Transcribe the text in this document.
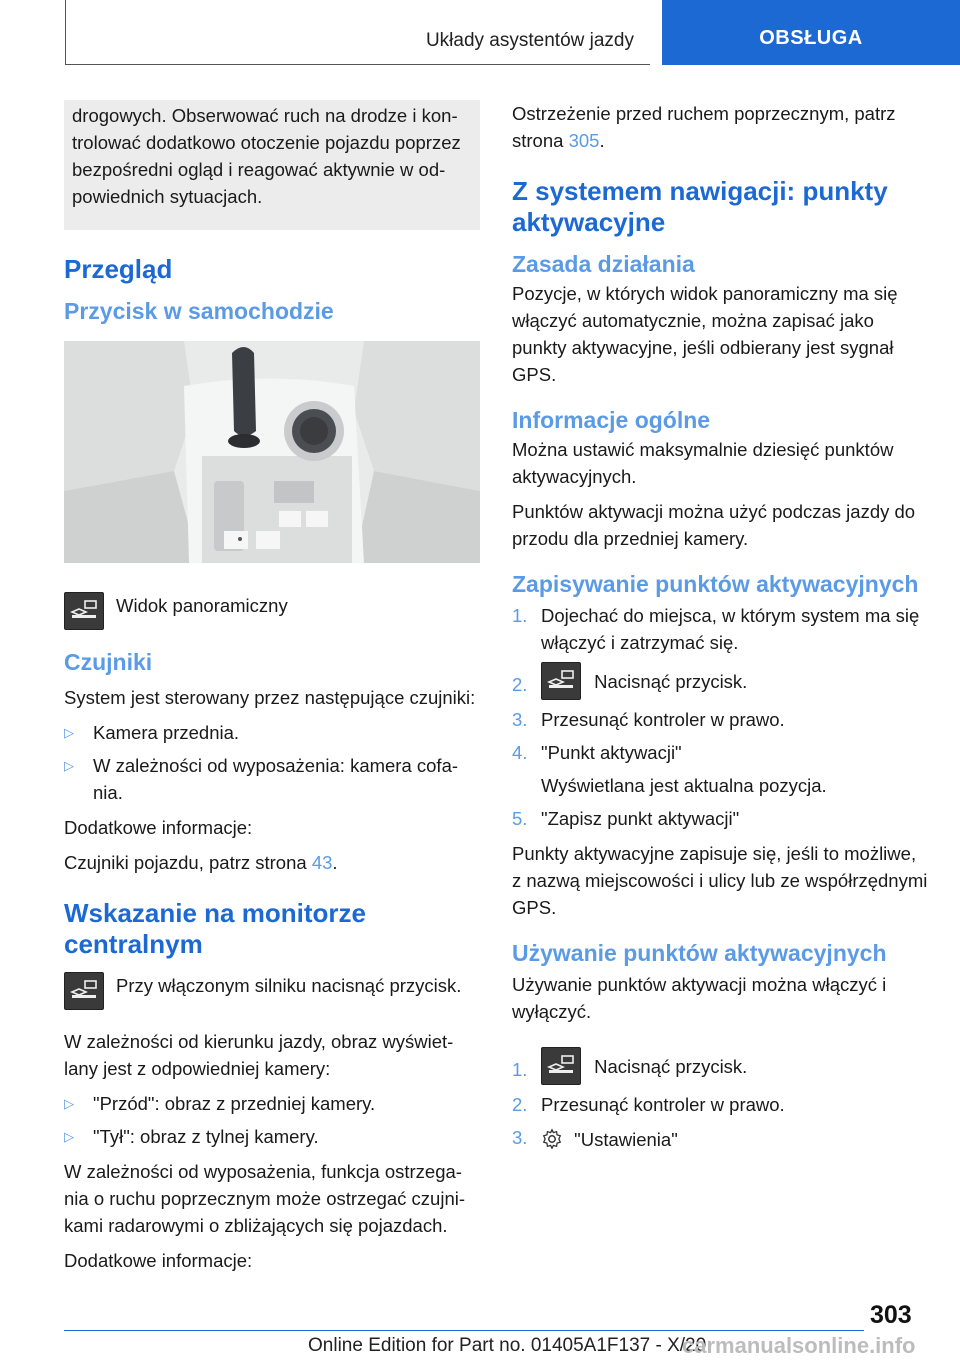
Układy asystentów jazdy	OBSŁUGA

drogowych. Obserwować ruch na drodze i kontrolować dodatkowo otoczenie pojazdu poprzez bezpośredni ogląd i reagować aktywnie w odpowiednich sytuacjach.

Przegląd
Przycisk w samochodzie

Widok panoramiczny

Czujniki

System jest sterowany przez następujące czujniki:

▷ Kamera przednia.
▷ W zależności od wyposażenia: kamera cofania.

Dodatkowe informacje:

Czujniki pojazdu, patrz strona 43.

Wskazanie na monitorze centralnym

Przy włączonym silniku nacisnąć przycisk.

W zależności od kierunku jazdy, obraz wyświetlany jest z odpowiedniej kamery:

▷ "Przód": obraz z przedniej kamery.
▷ "Tył": obraz z tylnej kamery.

W zależności od wyposażenia, funkcja ostrzegania o ruchu poprzecznym może ostrzegać czujnikami radarowymi o zbliżających się pojazdach.

Dodatkowe informacje:

Ostrzeżenie przed ruchem poprzecznym, patrz strona 305.

Z systemem nawigacji: punkty aktywacyjne
Zasada działania

Pozycje, w których widok panoramiczny ma się włączyć automatycznie, można zapisać jako punkty aktywacyjne, jeśli odbierany jest sygnał GPS.

Informacje ogólne

Można ustawić maksymalnie dziesięć punktów aktywacyjnych.

Punktów aktywacji można użyć podczas jazdy do przodu dla przedniej kamery.

Zapisywanie punktów aktywacyjnych
1. Dojechać do miejsca, w którym system ma się włączyć i zatrzymać się.
2.	Nacisnąć przycisk.
3. Przesunąć kontroler w prawo.
4. "Punkt aktywacji"
Wyświetlana jest aktualna pozycja.
5. "Zapisz punkt aktywacji"

Punkty aktywacyjne zapisuje się, jeśli to możliwe, z nazwą miejscowości i ulicy lub ze współrzędnymi GPS.

Używanie punktów aktywacyjnych

Używanie punktów aktywacji można włączyć i wyłączyć.

1.	Nacisnąć przycisk.
2. Przesunąć kontroler w prawo.
3.	"Ustawienia"
303
Online Edition for Part no. 01405A1F137 - X/20
carmanualsonline.info
